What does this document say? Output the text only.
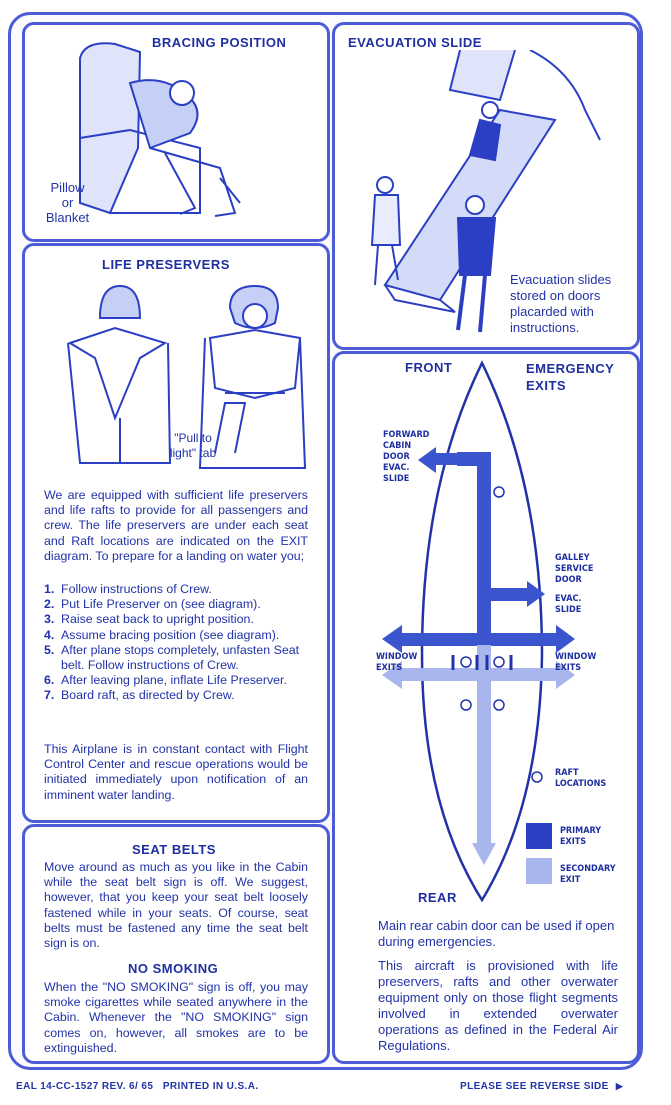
BRACING POSITION
Pillow
or
Blanket
EVACUATION SLIDE
Evacuation slides stored on doors placarded with instructions.
LIFE PRESERVERS
"Pull to light" tab
We are equipped with sufficient life preservers and life rafts to provide for all passengers and crew. The life preservers are under each seat and Raft locations are indicated on the EXIT diagram. To prepare for a landing on water you;
1. Follow instructions of Crew.
2. Put Life Preserver on (see diagram).
3. Raise seat back to upright position.
4. Assume bracing position (see diagram).
5. After plane stops completely, unfasten Seat belt. Follow instructions of Crew.
6. After leaving plane, inflate Life Preserver.
7. Board raft, as directed by Crew.
This Airplane is in constant contact with Flight Control Center and rescue operations would be initiated immediately upon notification of an imminent water landing.
SEAT BELTS
Move around as much as you like in the Cabin while the seat belt sign is off. We suggest, however, that you keep your seat belt loosely fastened while in your seats. Of course, seat belts must be fastened any time the seat belt sign is on.
NO SMOKING
When the "NO SMOKING" sign is off, you may smoke cigarettes while seated anywhere in the Cabin. Whenever the "NO SMOKING" sign comes on, however, all smokes are to be extinguished.
FRONT	EMERGENCY EXITS
FORWARD CABIN DOOR EVAC. SLIDE
GALLEY SERVICE DOOR
EVAC. SLIDE
WINDOW EXITS
WINDOW EXITS
RAFT LOCATIONS
PRIMARY EXITS
SECONDARY EXIT
REAR
Main rear cabin door can be used if open during emergencies.
This aircraft is provisioned with life preservers, rafts and other overwater equipment only on those flight segments involved in extended overwater operations as defined in the Federal Air Regulations.
EAL 14-CC-1527 REV. 6/ 65   PRINTED IN U.S.A.	PLEASE SEE REVERSE SIDE ▶
